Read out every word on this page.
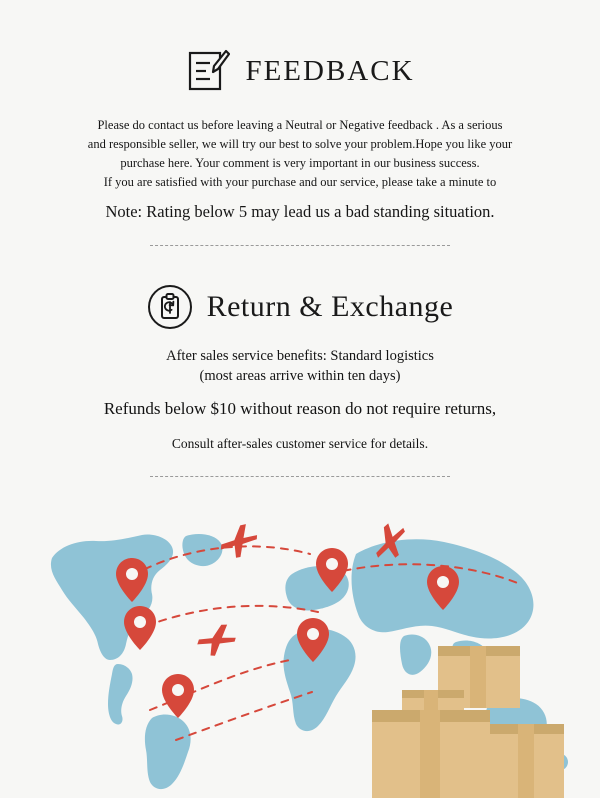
FEEDBACK

Please do contact us before leaving a Neutral or Negative feedback . As a serious

and responsible seller, we will try our best to solve your problem.Hope you like your

purchase here. Your comment is very important in our business success.

If you are satisfied with your purchase and our service, please take a minute to

Note: Rating below 5 may lead us a bad standing situation.

Return & Exchange

After sales service benefits: Standard logistics

(most areas arrive within ten days)

Refunds below $10 without reason do not require returns,

Consult after-sales customer service for details.
